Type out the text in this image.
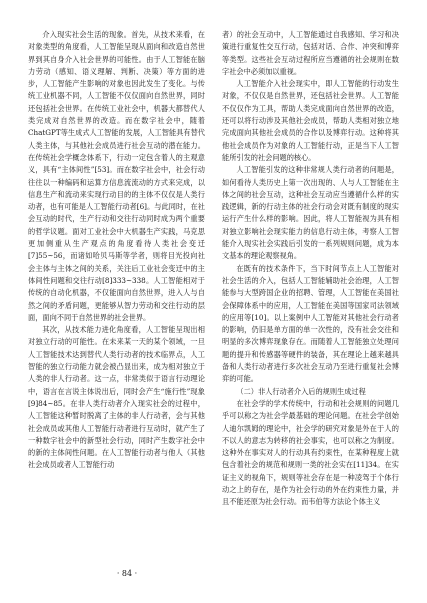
介入现实社会生活的现象。首先，从技术来看，在对象类型的角度看，人工智能呈现从面向和改造自然世界到其自身介入社会世界的可能性。由于人工智能在脑力劳动（感知、语义理解、判断、决策）等方面的进步，人工智能产生影响的对象也因此发生了变化。与传统工业机器不同，人工智能不仅仅面向自然世界，同时还包括社会世界。在传统工业社会中，机器大都替代人类完成对自然世界的改造。而在数字社会中，随着ChatGPT等生成式人工智能的发展，人工智能具有替代人类主体，与其他社会成员进行社会互动的潜在能力。在传统社会学概念体系下，行动一定包含着人的主观意义，具有“主体间性”[53]。而在数字社会中，社会行动往往以一种编码和运算方信息流流动的方式来完成，以信息生产和流动来实现行动目的的主体不仅仅是人类行动者，也有可能是人工智能行动者[6]。与此同时，在社会互动的时代，生产行动和交往行动同时成为两个重要的哲学议题。面对工业社会中大机器生产实践，马克思更加侧重从生产观点的角度看待人类社会变迁[7]55~56，而诸如哈贝马斯等学者，则将目光投向社会主体与主体之间的关系，关注后工业社会变迁中的主体间性问题和交往行动[8]333~338。人工智能相对于传统的自动化机器，不仅能面向自然世界，进入人与自然之间的矛盾问题，更能够从智力劳动和交往行动的层面，面向不同于自然世界的社会世界。

其次，从技术能力进化角度看，人工智能呈现出相对独立行动的可能性。在未来某一天的某个领域，一旦人工智能技术达到替代人类行动者的技术临界点，人工智能的独立行动能力就会被凸显出来，成为相对独立于人类的非人行动者。这一点，非常类似于语言行动理论中，语言在言说主体说出后，同时会产生“施行性”现象[9]84~85。在非人类行动者介入现实社会的过程中，人工智能这种暂时脱离了主体的非人行动者，会与其他社会成员或其他人工智能行动者进行互动时，就产生了一种数字社会中的新型社会行动，同时产生数字社会中的新的主体间性问题。在人工智能行动者与他人（其他社会成员或者人工智能行动

者）的社会互动中，人工智能通过自我感知、学习和决策进行重复性交互行动，包括对话、合作、冲突和博弈等类型。这些社会互动过程所应当遵循的社会规则在数字社会中必须加以重视。

人工智能介入社会现实中，即人工智能的行动发生对象，不仅仅是自然世界，还包括社会世界。人工智能不仅仅作为工具，帮助人类完成面向自然世界的改造，还可以将行动涉及其他社会成员，帮助人类相对独立地完成面向其他社会成员的合作以及博弈行动。这种将其他社会成员作为对象的人工智能行动，正是当下人工智能所引发的社会问题的核心。

人工智能引发的这种非常规人类行动者的问题是，如何看待人类历史上第一次出现的、人与人工智能在主体之间的社会互动，这种社会互动应当遵循什么样的实践逻辑，新的行动主体的社会行动会对既有制度的现实运行产生什么样的影响。因此，将人工智能视为具有相对独立影响社会现实能力的信息行动主体，考察人工智能介入现实社会实践后引发的一系列规则问题，成为本文基本的理论观察视角。

在既有的技术条件下，当下时间节点上人工智能对社会生活的介入，包括人工智能辅助社会治理，人工智能参与大型跨国企业的招聘、管理，人工智能在美国社会保障体系中的应用，人工智能在美国等国家司法领域的应用等[10]。以上案例中人工智能对其他社会行动者的影响，仍旧是单方面的单一次性的，没有社会交往和明显的多次博弈现象存在。而随着人工智能独立处理问题的提升和传感器等硬件的装备，其在理论上越来越具备和人类行动者进行多次社会互动乃至进行重复社会博弈的可能。

（二）非人行动者介入后的规则生成过程

在社会学的学术传统中，行动和社会规则的问题几乎可以称之为社会学最基础的理论问题。在社会学创始人迪尔凯姆的理论中，社会学的研究对象是外在于人的不以人的意志为转移的社会事实，也可以称之为制度。这种外在事实对人的行动具有约束性，在某种程度上就包含着社会的规范和规则一类的社会实在[11]34。在实证主义的视角下，规则等社会存在是一种凌驾于个体行动之上的存在，是作为社会行动的外在约束性力量，并且不能还原为社会行动。而韦伯等方法论个体主义

· 84 ·
